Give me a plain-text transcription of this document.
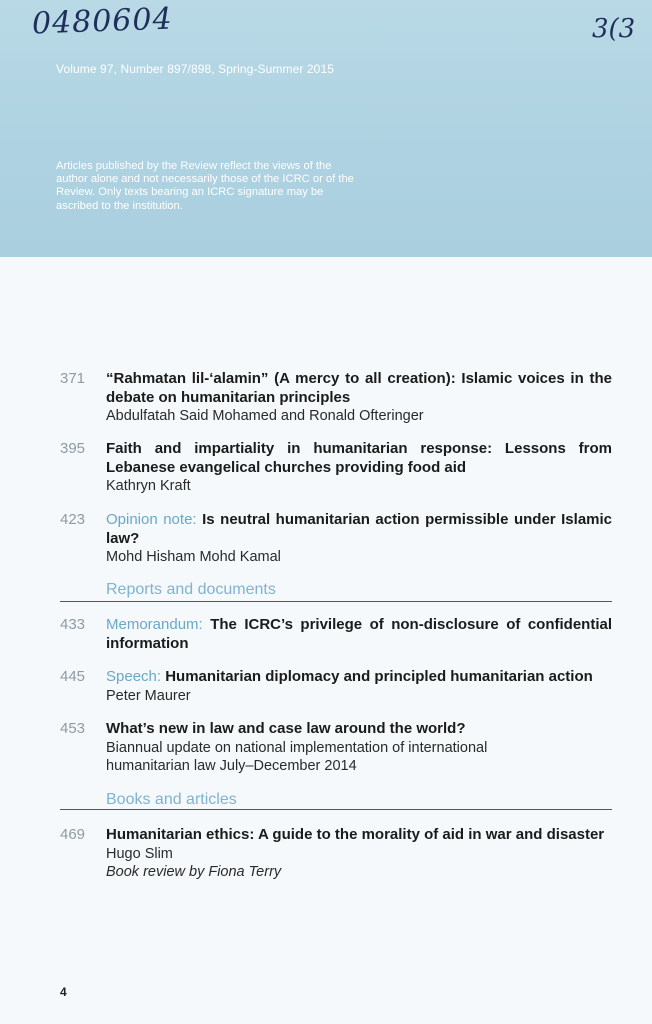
0480604	3(3
Volume 97, Number 897/898, Spring-Summer 2015
Articles published by the Review reflect the views of the author alone and not necessarily those of the ICRC or of the Review. Only texts bearing an ICRC signature may be ascribed to the institution.
371 “Rahmatan lil-‘alamin” (A mercy to all creation): Islamic voices in the debate on humanitarian principles
Abdulfatah Said Mohamed and Ronald Ofteringer
395 Faith and impartiality in humanitarian response: Lessons from Lebanese evangelical churches providing food aid
Kathryn Kraft
423 Opinion note: Is neutral humanitarian action permissible under Islamic law?
Mohd Hisham Mohd Kamal
Reports and documents
433 Memorandum: The ICRC’s privilege of non-disclosure of confidential information
445 Speech: Humanitarian diplomacy and principled humanitarian action
Peter Maurer
453 What’s new in law and case law around the world?
Biannual update on national implementation of international humanitarian law July–December 2014
Books and articles
469 Humanitarian ethics: A guide to the morality of aid in war and disaster
Hugo Slim
Book review by Fiona Terry
4
